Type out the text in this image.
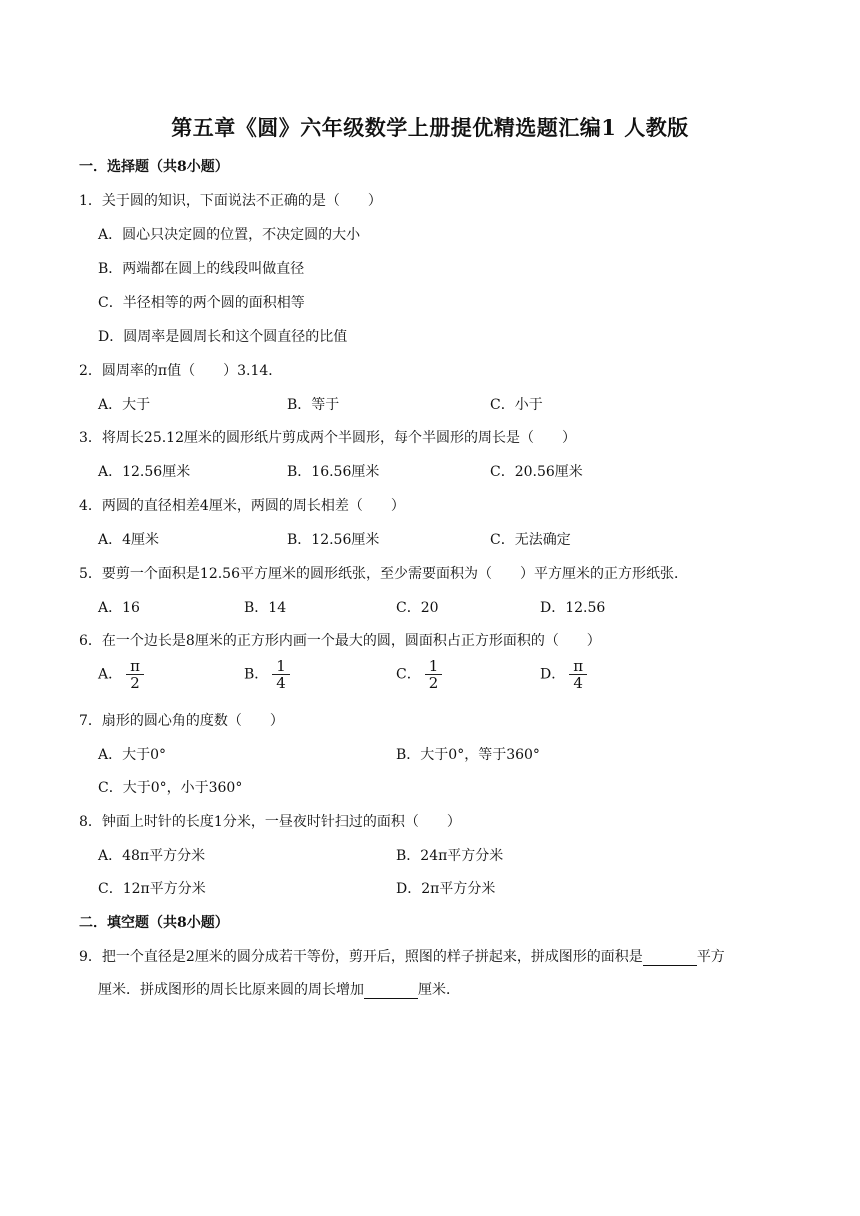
第五章《圆》六年级数学上册提优精选题汇编1 人教版
一．选择题（共8小题）
1．关于圆的知识，下面说法不正确的是（　　）
A．圆心只决定圆的位置，不决定圆的大小
B．两端都在圆上的线段叫做直径
C．半径相等的两个圆的面积相等
D．圆周率是圆周长和这个圆直径的比值
2．圆周率的π值（　　）3.14．
A．大于	B．等于	C．小于
3．将周长25.12厘米的圆形纸片剪成两个半圆形，每个半圆形的周长是（　　）
A．12.56厘米	B．16.56厘米	C．20.56厘米
4．两圆的直径相差4厘米，两圆的周长相差（　　）
A．4厘米	B．12.56厘米	C．无法确定
5．要剪一个面积是12.56平方厘米的圆形纸张，至少需要面积为（　　）平方厘米的正方形纸张．
A．16	B．14	C．20	D．12.56
6．在一个边长是8厘米的正方形内画一个最大的圆，圆面积占正方形面积的（　　）
A． $\frac{\pi}{2}$	B． $\frac{1}{4}$	C． $\frac{1}{2}$	D． $\frac{\pi}{4}$
7．扇形的圆心角的度数（　　）
A．大于0°	B．大于0°，等于360°
C．大于0°，小于360°
8．钟面上时针的长度1分米，一昼夜时针扫过的面积（　　）
A．48π平方分米	B．24π平方分米
C．12π平方分米	D．2π平方分米
二．填空题（共8小题）
9．把一个直径是2厘米的圆分成若干等份，剪开后，照图的样子拼起来，拼成图形的面积是	平方
厘米．拼成图形的周长比原来圆的周长增加	厘米．
